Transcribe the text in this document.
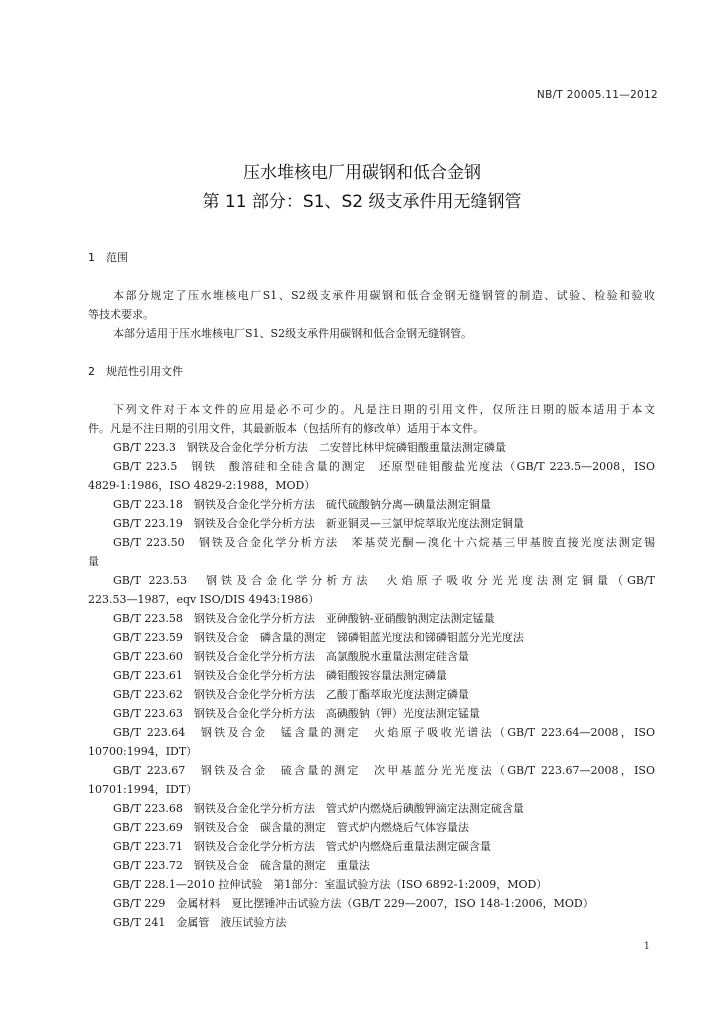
NB/T 20005.11—2012
压水堆核电厂用碳钢和低合金钢
第 11 部分：S1、S2 级支承件用无缝钢管
1 范围
本部分规定了压水堆核电厂S1、S2级支承件用碳钢和低合金钢无缝钢管的制造、试验、检验和验收
等技术要求。
本部分适用于压水堆核电厂S1、S2级支承件用碳钢和低合金钢无缝钢管。
2 规范性引用文件
下列文件对于本文件的应用是必不可少的。凡是注日期的引用文件，仅所注日期的版本适用于本文
件。凡是不注日期的引用文件，其最新版本（包括所有的修改单）适用于本文件。
GB/T 223.3　钢铁及合金化学分析方法　二安替比林甲烷磷钼酸重量法测定磷量
GB/T 223.5　钢铁　酸溶硅和全硅含量的测定　还原型硅钼酸盐光度法（GB/T 223.5—2008，ISO
4829-1:1986，ISO 4829-2:1988，MOD）
GB/T 223.18　钢铁及合金化学分析方法　硫代硫酸钠分离—碘量法测定铜量
GB/T 223.19　钢铁及合金化学分析方法　新亚铜灵—三氯甲烷萃取光度法测定铜量
GB/T 223.50　钢铁及合金化学分析方法　苯基荧光酮—溴化十六烷基三甲基胺直接光度法测定锡
量
GB/T 223.53　钢铁及合金化学分析方法　火焰原子吸收分光光度法测定铜量（GB/T
223.53—1987，eqv ISO/DIS 4943:1986）
GB/T 223.58　钢铁及合金化学分析方法　亚砷酸钠-亚硝酸钠测定法测定锰量
GB/T 223.59　钢铁及合金　磷含量的测定　锑磷钼蓝光度法和锑磷钼蓝分光光度法
GB/T 223.60　钢铁及合金化学分析方法　高氯酸脱水重量法测定硅含量
GB/T 223.61　钢铁及合金化学分析方法　磷钼酸铵容量法测定磷量
GB/T 223.62　钢铁及合金化学分析方法　乙酸丁酯萃取光度法测定磷量
GB/T 223.63　钢铁及合金化学分析方法　高碘酸钠（钾）光度法测定锰量
GB/T 223.64　钢铁及合金　锰含量的测定　火焰原子吸收光谱法（GB/T 223.64—2008，ISO
10700:1994，IDT）
GB/T 223.67　钢铁及合金　硫含量的测定　次甲基蓝分光光度法（GB/T 223.67—2008，ISO
10701:1994，IDT）
GB/T 223.68　钢铁及合金化学分析方法　管式炉内燃烧后碘酸钾滴定法测定硫含量
GB/T 223.69　钢铁及合金　碳含量的测定　管式炉内燃烧后气体容量法
GB/T 223.71　钢铁及合金化学分析方法　管式炉内燃烧后重量法测定碳含量
GB/T 223.72　钢铁及合金　硫含量的测定　重量法
GB/T 228.1—2010 拉伸试验　第1部分：室温试验方法（ISO 6892-1:2009，MOD）
GB/T 229　金属材料　夏比摆锤冲击试验方法（GB/T 229—2007，ISO 148-1:2006，MOD）
GB/T 241　金属管　液压试验方法
1
